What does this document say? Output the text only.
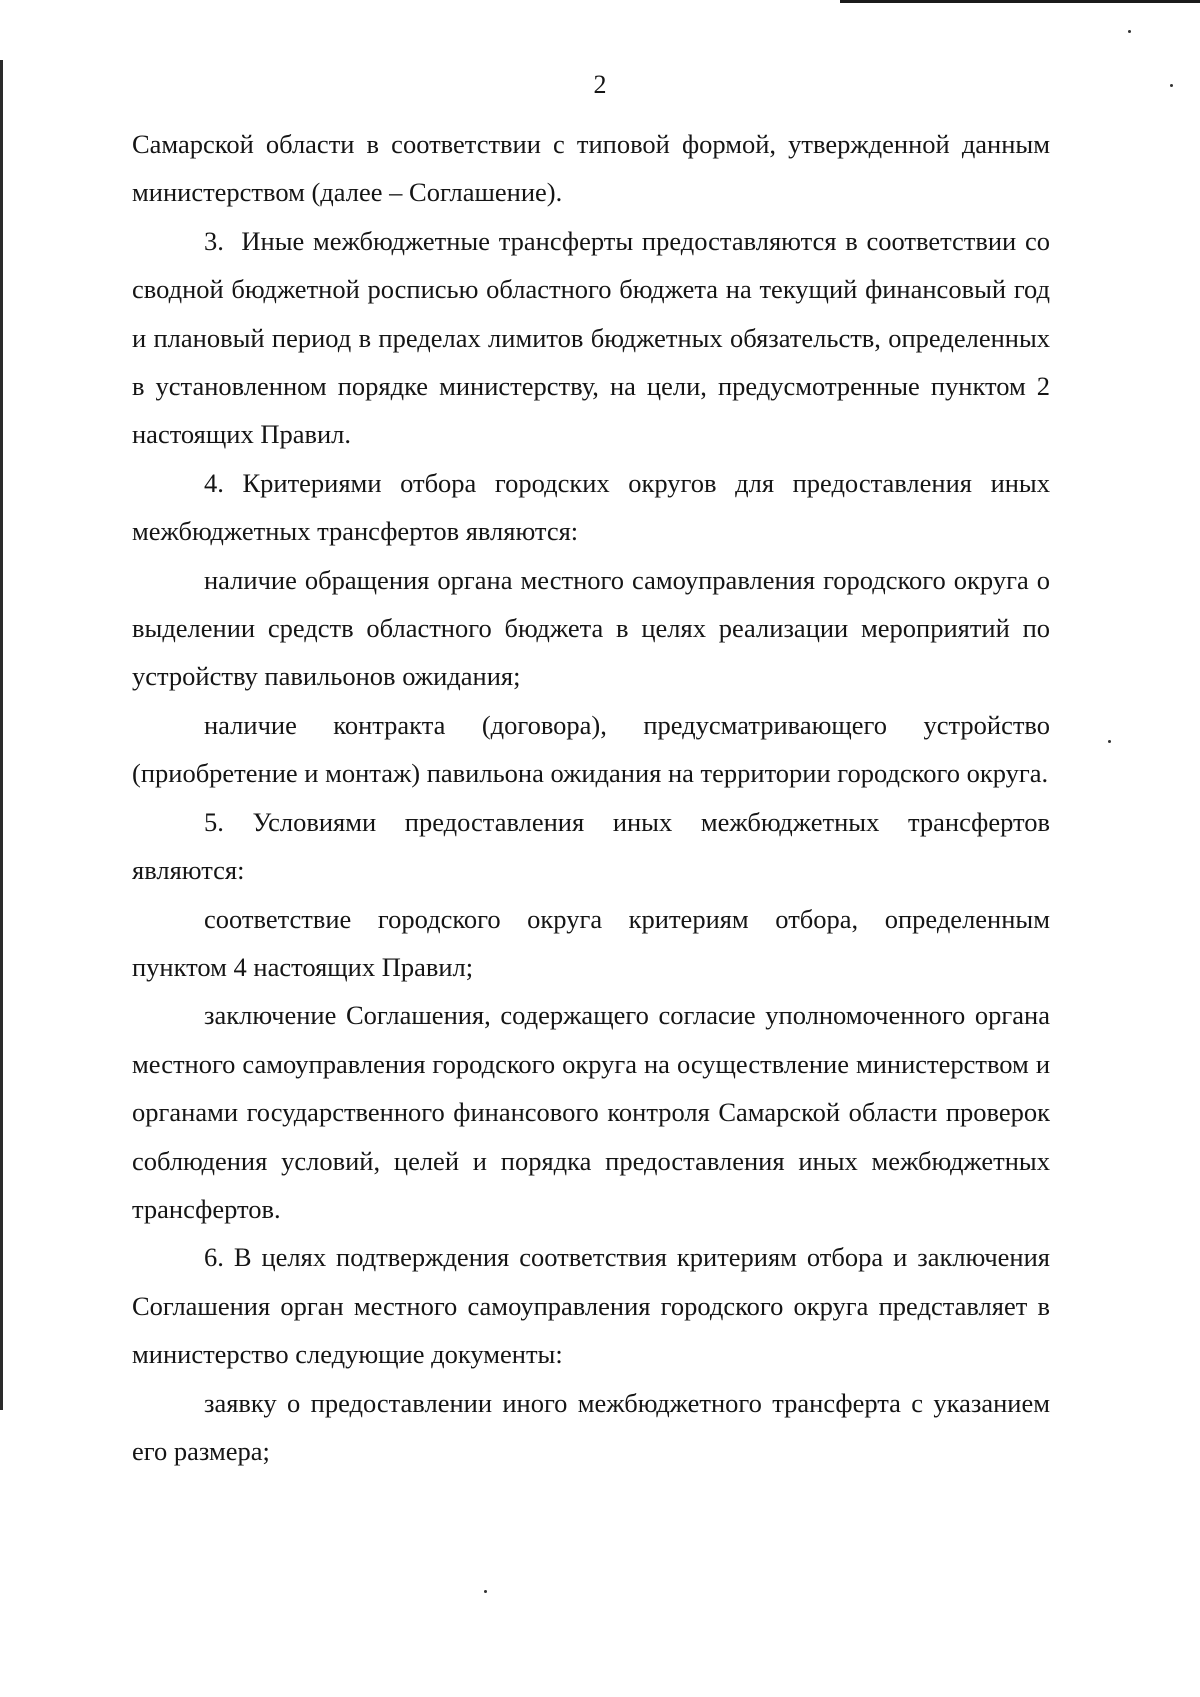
2

Самарской области в соответствии с типовой формой, утвержденной данным министерством (далее – Соглашение).

3.  Иные межбюджетные трансферты предоставляются в соответствии со сводной бюджетной росписью областного бюджета на текущий финансовый год и плановый период в пределах лимитов бюджетных обязательств, определенных в установленном порядке министерству, на цели, предусмотренные пунктом 2 настоящих Правил.

4. Критериями отбора городских округов для предоставления иных межбюджетных трансфертов являются:

наличие обращения органа местного самоуправления городского округа о выделении средств областного бюджета в целях реализации мероприятий по устройству павильонов ожидания;

наличие контракта (договора), предусматривающего устройство (приобретение и монтаж) павильона ожидания на территории городского округа.

5. Условиями предоставления иных межбюджетных трансфертов являются:

соответствие городского округа критериям отбора, определенным пунктом 4 настоящих Правил;

заключение Соглашения, содержащего согласие уполномоченного органа местного самоуправления городского округа на осуществление министерством и органами государственного финансового контроля Самарской области проверок соблюдения условий, целей и порядка предоставления иных межбюджетных трансфертов.

6. В целях подтверждения соответствия критериям отбора и заключения Соглашения орган местного самоуправления городского округа представляет в министерство следующие документы:

заявку о предоставлении иного межбюджетного трансферта с указанием его размера;
